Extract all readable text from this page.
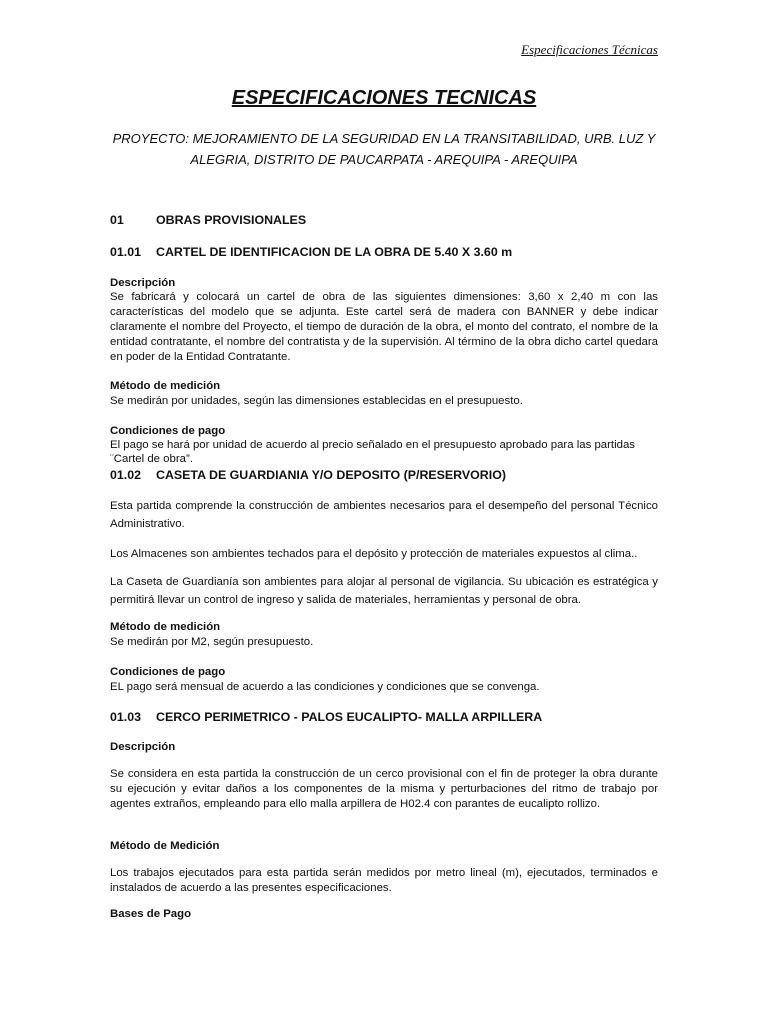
Especificaciones Técnicas
ESPECIFICACIONES TECNICAS
PROYECTO: MEJORAMIENTO DE LA SEGURIDAD EN LA TRANSITABILIDAD, URB. LUZ Y
ALEGRIA, DISTRITO DE PAUCARPATA - AREQUIPA - AREQUIPA
01	OBRAS PROVISIONALES
01.01 CARTEL DE IDENTIFICACION DE LA OBRA DE 5.40 X 3.60 m
Descripción
Se fabricará y colocará un cartel de obra de las siguientes dimensiones: 3,60 x 2,40 m con las características del modelo que se adjunta. Este cartel será de madera con BANNER y debe indicar claramente el nombre del Proyecto, el tiempo de duración de la obra, el monto del contrato, el nombre de la entidad contratante, el nombre del contratista y de la supervisión. Al término de la obra dicho cartel quedara en poder de la Entidad Contratante.
Método de medición
Se medirán por unidades, según las dimensiones establecidas en el presupuesto.
Condiciones de pago
El pago se hará por unidad de acuerdo al precio señalado en el presupuesto aprobado para las partidas
¨Cartel de obra”.
01.02 CASETA DE GUARDIANIA Y/O DEPOSITO (P/RESERVORIO)
Esta partida comprende la construcción de ambientes necesarios para el desempeño del personal Técnico Administrativo.
Los Almacenes son ambientes techados para el depósito y protección de materiales expuestos al clima..
La Caseta de Guardianía son ambientes para alojar al personal de vigilancia. Su ubicación es estratégica y permitirá llevar un control de ingreso y salida de materiales, herramientas y personal de obra.
Método de medición
Se medirán por M2, según presupuesto.
Condiciones de pago
EL pago será mensual de acuerdo a las condiciones y condiciones que se convenga.
01.03 CERCO PERIMETRICO - PALOS EUCALIPTO- MALLA ARPILLERA
Descripción
Se considera en esta partida la construcción de un cerco provisional con el fin de proteger la obra durante su ejecución y evitar daños a los componentes de la misma y perturbaciones del ritmo de trabajo por agentes extraños, empleando para ello malla arpillera de H02.4 con parantes de eucalipto rollizo.
Método de Medición
Los trabajos ejecutados para esta partida serán medidos por metro lineal (m), ejecutados, terminados e instalados de acuerdo a las presentes especificaciones.
Bases de Pago
